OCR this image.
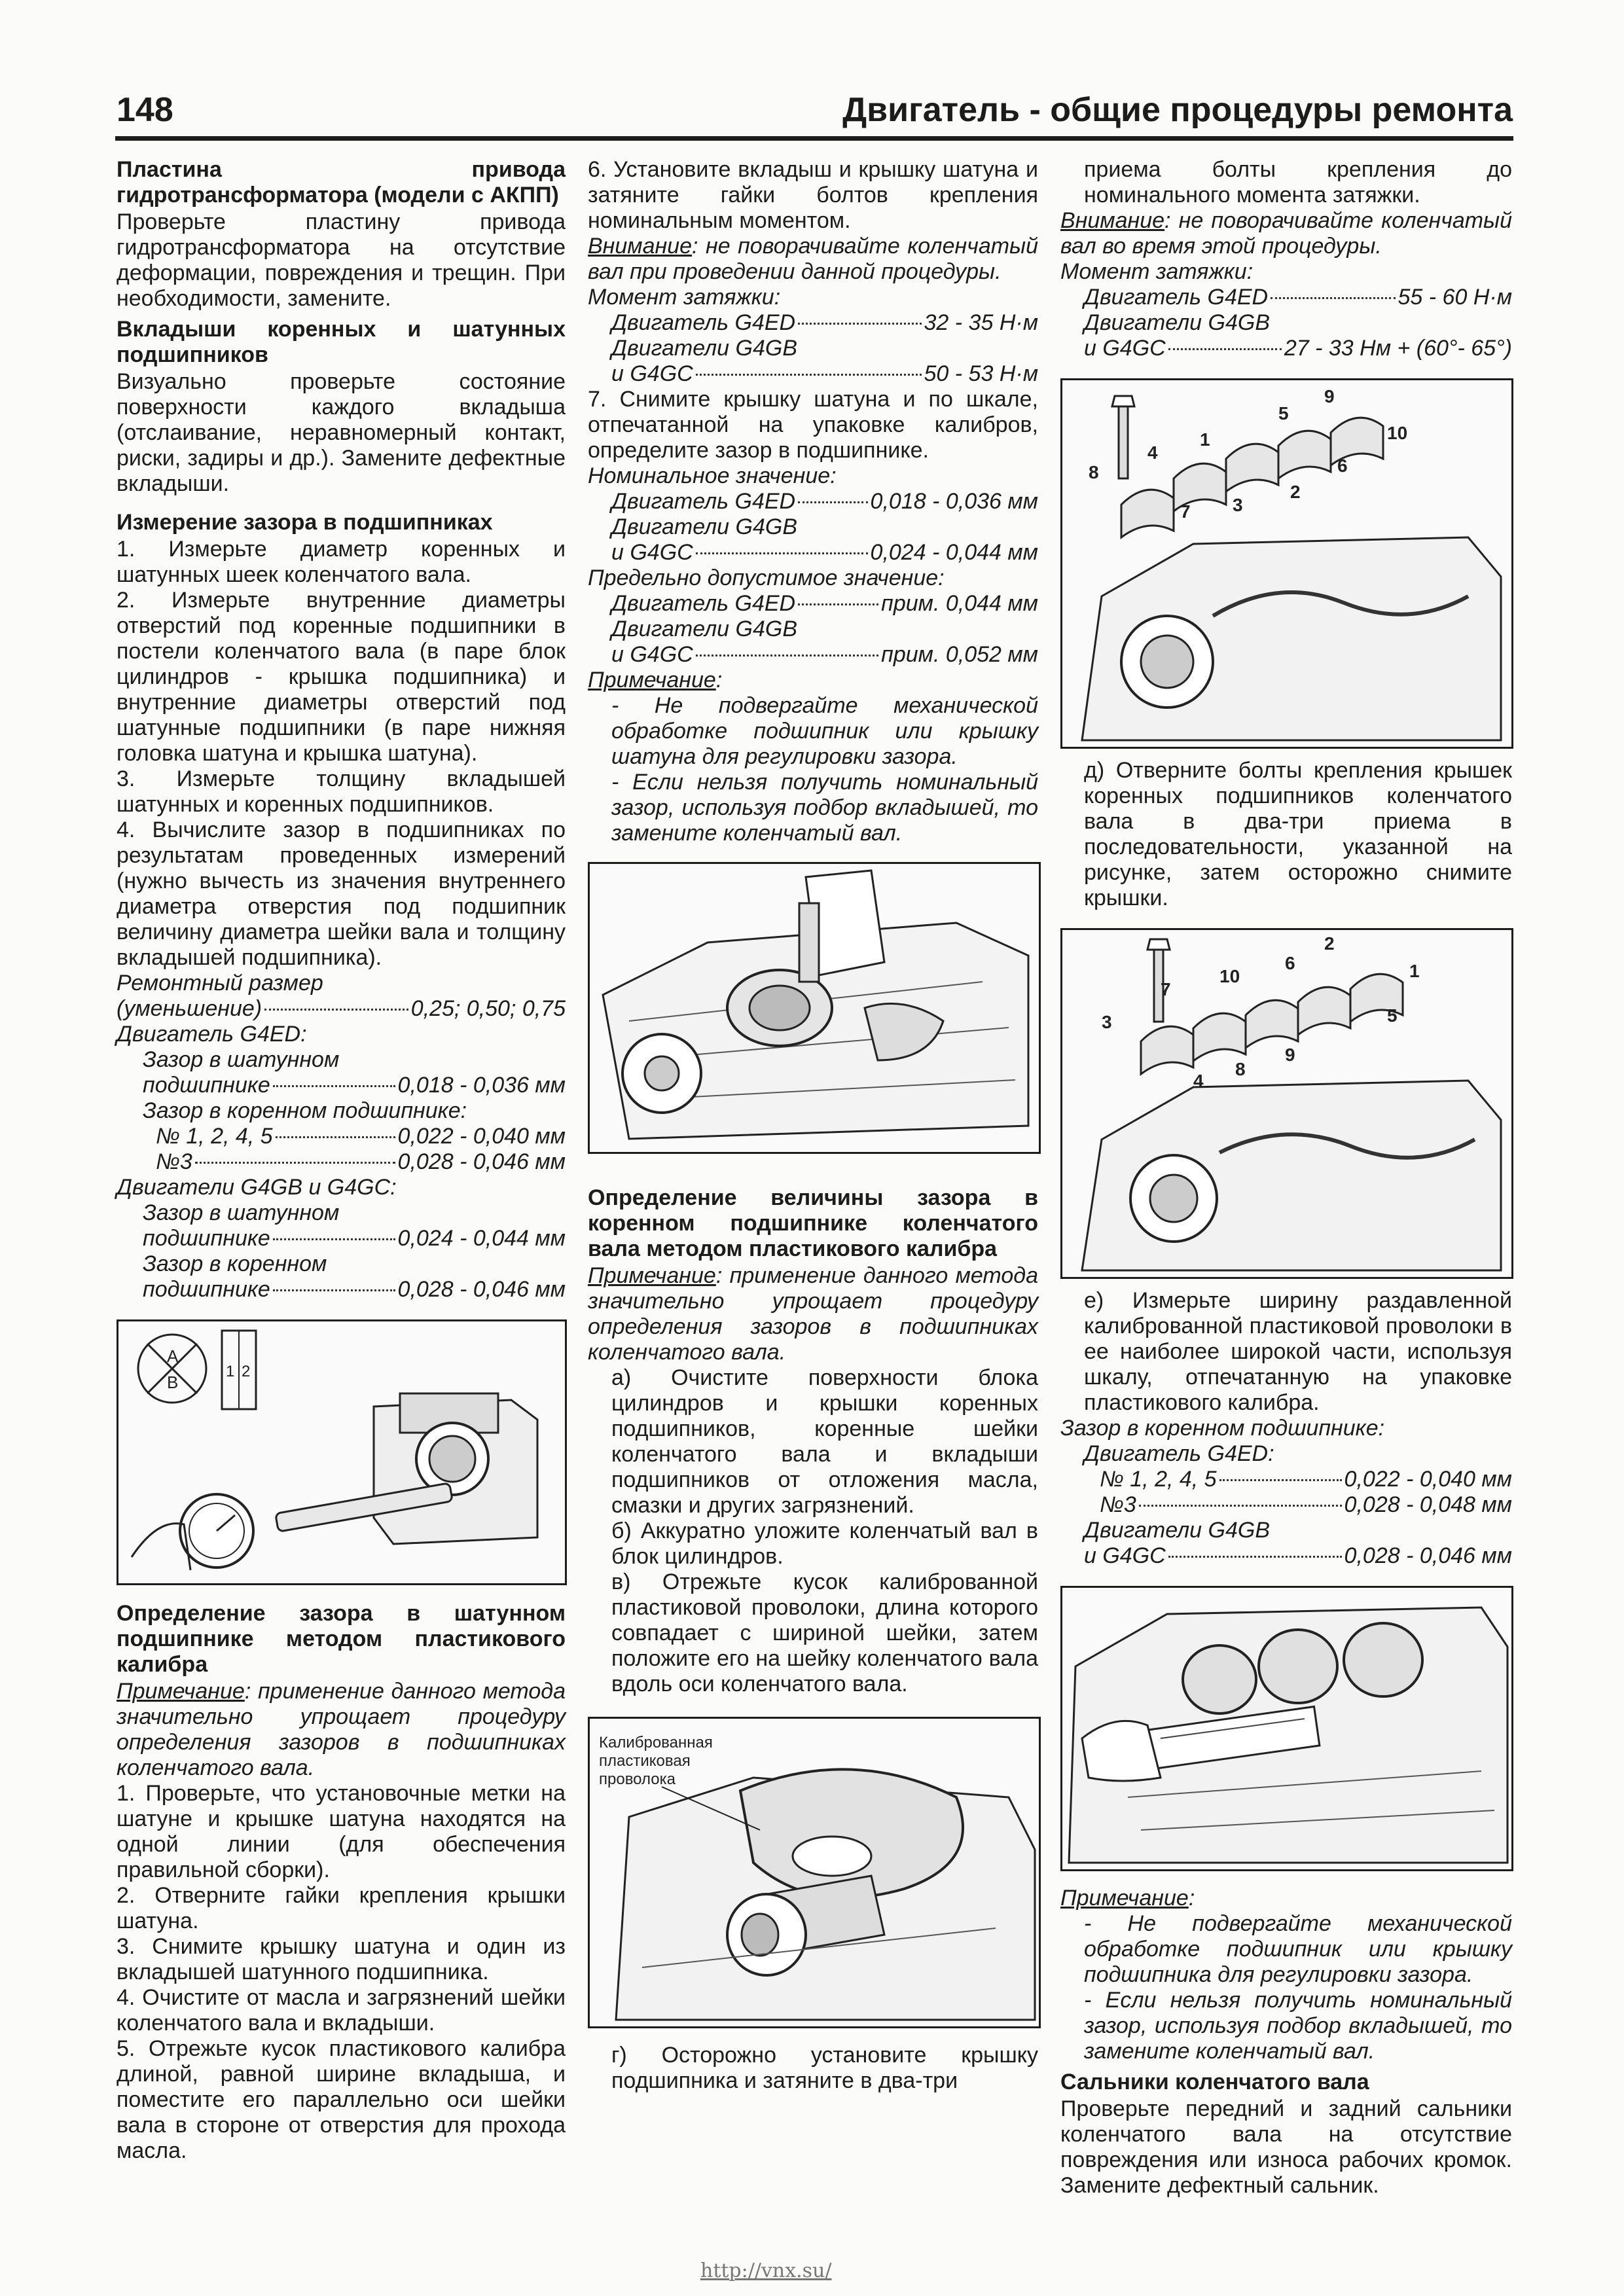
148	Двигатель - общие процедуры ремонта

Пластина привода гидротрансформатора (модели с АКПП)

Проверьте пластину привода гидротрансформатора на отсутствие деформации, повреждения и трещин. При необходимости, замените.

Вкладыши коренных и шатунных подшипников

Визуально проверьте состояние поверхности каждого вкладыша (отслаивание, неравномерный контакт, риски, задиры и др.). Замените дефектные вкладыши.

Измерение зазора в подшипниках

1. Измерьте диаметр коренных и шатунных шеек коленчатого вала.

2. Измерьте внутренние диаметры отверстий под коренные подшипники в постели коленчатого вала (в паре блок цилиндров - крышка подшипника) и внутренние диаметры отверстий под шатунные подшипники (в паре нижняя головка шатуна и крышка шатуна).

3. Измерьте толщину вкладышей шатунных и коренных подшипников.

4. Вычислите зазор в подшипниках по результатам проведенных измерений (нужно вычесть из значения внутреннего диаметра отверстия под подшипник величину диаметра шейки вала и толщину вкладышей подшипника).

Ремонтный размер

(уменьшение)	0,25; 0,50; 0,75

Двигатель G4ED:

Зазор в шатунном

подшипнике	0,018 - 0,036 мм

Зазор в коренном подшипнике:

№ 1, 2, 4, 5	0,022 - 0,040 мм
№3	0,028 - 0,046 мм

Двигатели G4GB и G4GC:

Зазор в шатунном

подшипнике	0,024 - 0,044 мм

Зазор в коренном

подшипнике	0,028 - 0,046 мм
A
B
1 2

Определение зазора в шатунном подшипнике методом пластикового калибра

Примечание: применение данного метода значительно упрощает процедуру определения зазоров в подшипниках коленчатого вала.

1. Проверьте, что установочные метки на шатуне и крышке шатуна находятся на одной линии (для обеспечения правильной сборки).

2. Отверните гайки крепления крышки шатуна.

3. Снимите крышку шатуна и один из вкладышей шатунного подшипника.

4. Очистите от масла и загрязнений шейки коленчатого вала и вкладыши.

5. Отрежьте кусок пластикового калибра длиной, равной ширине вкладыша, и поместите его параллельно оси шейки вала в стороне от отверстия для прохода масла.

6. Установите вкладыш и крышку шатуна и затяните гайки болтов крепления номинальным моментом.

Внимание: не поворачивайте коленчатый вал при проведении данной процедуры.

Момент затяжки:

Двигатель G4ED	32 - 35 Н·м

Двигатели G4GB

и G4GC	50 - 53 Н·м

7. Снимите крышку шатуна и по шкале, отпечатанной на упаковке калибров, определите зазор в подшипнике.

Номинальное значение:

Двигатель G4ED	0,018 - 0,036 мм

Двигатели G4GB

и G4GC	0,024 - 0,044 мм

Предельно допустимое значение:

Двигатель G4ED	прим. 0,044 мм

Двигатели G4GB

и G4GC	прим. 0,052 мм

Примечание:

- Не подвергайте механической обработке подшипник или крышку шатуна для регулировки зазора.

- Если нельзя получить номинальный зазор, используя подбор вкладышей, то замените коленчатый вал.

Определение величины зазора в коренном подшипнике коленчатого вала методом пластикового калибра

Примечание: применение данного метода значительно упрощает процедуру определения зазоров в подшипниках коленчатого вала.

а) Очистите поверхности блока цилиндров и крышки коренных подшипников, коренные шейки коленчатого вала и вкладыши подшипников от отложения масла, смазки и других загрязнений.

б) Аккуратно уложите коленчатый вал в блок цилиндров.

в) Отрежьте кусок калиброванной пластиковой проволоки, длина которого совпадает с шириной шейки, затем положите его на шейку коленчатого вала вдоль оси коленчатого вала.

Калиброванная
пластиковая
проволока

г) Осторожно установите крышку подшипника и затяните в два-три

приема болты крепления до номинального момента затяжки.

Внимание: не поворачивайте коленчатый вал во время этой процедуры.

Момент затяжки:

Двигатель G4ED	55 - 60 Н·м

Двигатели G4GB

и G4GC	27 - 33 Нм + (60°- 65°)
1
2
3
4
5
6
7
8
9
10

д) Отверните болты крепления крышек коренных подшипников коленчатого вала в два-три приема в последовательности, указанной на рисунке, затем осторожно снимите крышки.

1
2
3
4
5
6
7
8
9
10

е) Измерьте ширину раздавленной калиброванной пластиковой проволоки в ее наиболее широкой части, используя шкалу, отпечатанную на упаковке пластикового калибра.

Зазор в коренном подшипнике:

Двигатель G4ED:

№ 1, 2, 4, 5	0,022 - 0,040 мм
№3	0,028 - 0,048 мм

Двигатели G4GB

и G4GC	0,028 - 0,046 мм

Примечание:

- Не подвергайте механической обработке подшипник или крышку подшипника для регулировки зазора.

- Если нельзя получить номинальный зазор, используя подбор вкладышей, то замените коленчатый вал.

Сальники коленчатого вала

Проверьте передний и задний сальники коленчатого вала на отсутствие повреждения или износа рабочих кромок. Замените дефектный сальник.

http://vnx.su/
